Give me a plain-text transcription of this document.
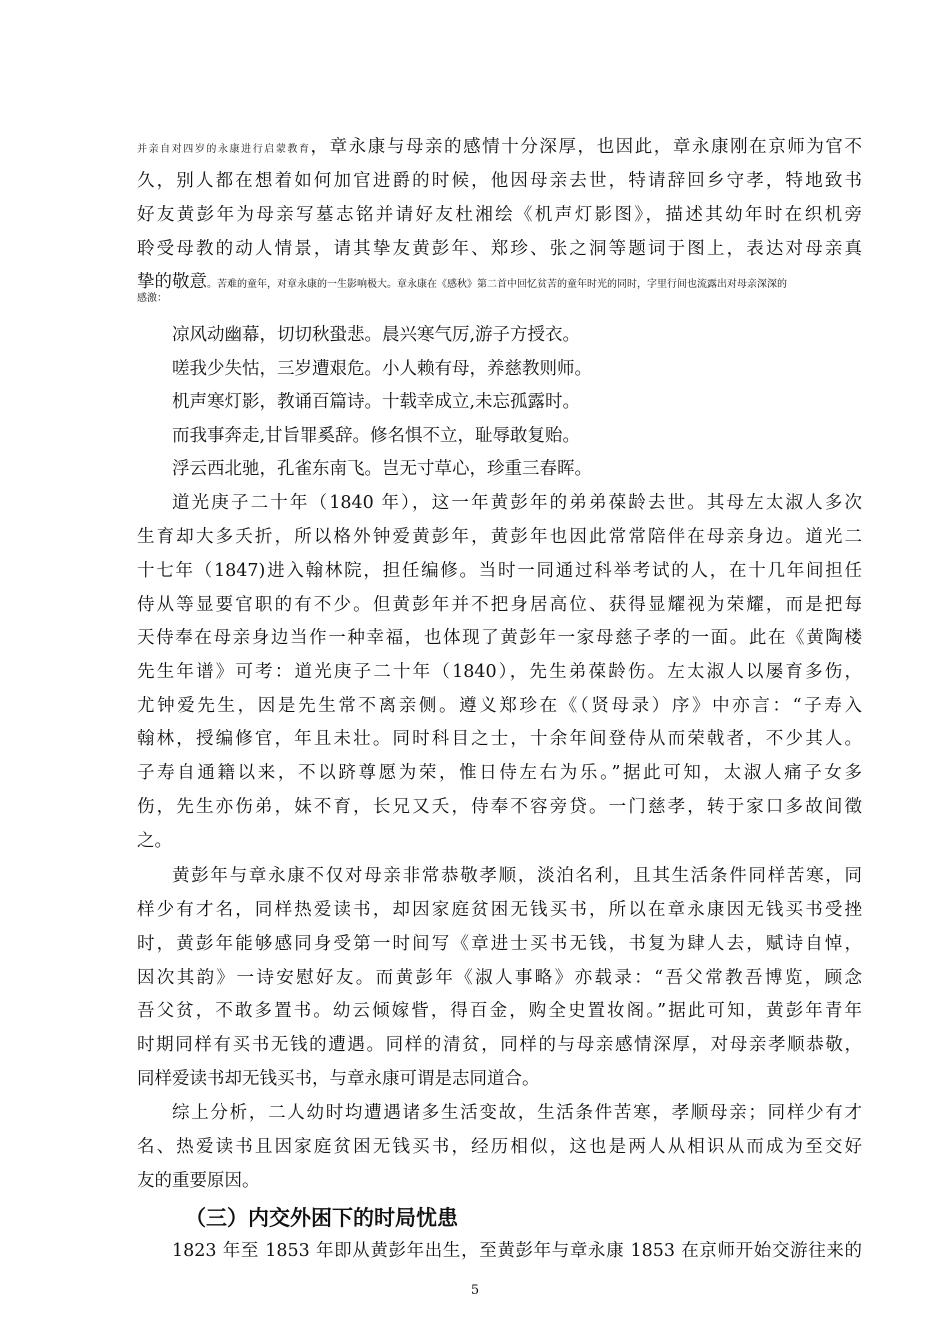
并亲自对四岁的永康进行启蒙教育，章永康与母亲的感情十分深厚，也因此，章永康刚在京师为官不
久，别人都在想着如何加官进爵的时候，他因母亲去世，特请辞回乡守孝，特地致书
好友黄彭年为母亲写墓志铭并请好友杜湘绘《机声灯影图》，描述其幼年时在织机旁
聆受母教的动人情景，请其挚友黄彭年、郑珍、张之洞等题词于图上，表达对母亲真
挚的敬意。苦难的童年，对章永康的一生影响极大。章永康在《感秋》第二首中回忆贫苦的童年时光的同时，字里行间也流露出对母亲深深的
感激：
凉风动幽幕，切切秋蛩悲。晨兴寒气厉,游子方授衣。
嗟我少失怙，三岁遭艰危。小人赖有母，养慈教则师。
机声寒灯影，教诵百篇诗。十载幸成立,未忘孤露时。
而我事奔走,甘旨罪奚辞。修名惧不立，耻辱敢复贻。
浮云西北驰，孔雀东南飞。岂无寸草心，珍重三春晖。
道光庚子二十年（1840 年），这一年黄彭年的弟弟葆龄去世。其母左太淑人多次
生育却大多夭折，所以格外钟爱黄彭年，黄彭年也因此常常陪伴在母亲身边。道光二
十七年（1847)进入翰林院，担任编修。当时一同通过科举考试的人，在十几年间担任
侍从等显要官职的有不少。但黄彭年并不把身居高位、获得显耀视为荣耀，而是把每
天侍奉在母亲身边当作一种幸福，也体现了黄彭年一家母慈子孝的一面。此在《黄陶楼
先生年谱》可考：道光庚子二十年（1840），先生弟葆龄伤。左太淑人以屡育多伤，
尤钟爱先生，因是先生常不离亲侧。遵义郑珍在《（贤母录）序》中亦言：“子寿入
翰林，授编修官，年且未壮。同时科目之士，十余年间登侍从而荣戟者，不少其人。
子寿自通籍以来，不以跻尊愿为荣，惟日侍左右为乐。”据此可知，太淑人痛子女多
伤，先生亦伤弟，妹不育，长兄又夭，侍奉不容旁贷。一门慈孝，转于家口多故间徵
之。
黄彭年与章永康不仅对母亲非常恭敬孝顺，淡泊名利，且其生活条件同样苦寒，同
样少有才名，同样热爱读书，却因家庭贫困无钱买书，所以在章永康因无钱买书受挫
时，黄彭年能够感同身受第一时间写《章进士买书无钱，书复为肆人去，赋诗自悼，
因次其韵》一诗安慰好友。而黄彭年《淑人事略》亦载录：“吾父常教吾博览，顾念
吾父贫，不敢多置书。幼云倾嫁眥，得百金，购全史置妆阁。”据此可知，黄彭年青年
时期同样有买书无钱的遭遇。同样的清贫，同样的与母亲感情深厚，对母亲孝顺恭敬，
同样爱读书却无钱买书，与章永康可谓是志同道合。
综上分析，二人幼时均遭遇诸多生活变故，生活条件苦寒，孝顺母亲；同样少有才
名、热爱读书且因家庭贫困无钱买书，经历相似，这也是两人从相识从而成为至交好
友的重要原因。
（三）内交外困下的时局忧患
1823 年至 1853 年即从黄彭年出生，至黄彭年与章永康 1853 在京师开始交游往来的
5
